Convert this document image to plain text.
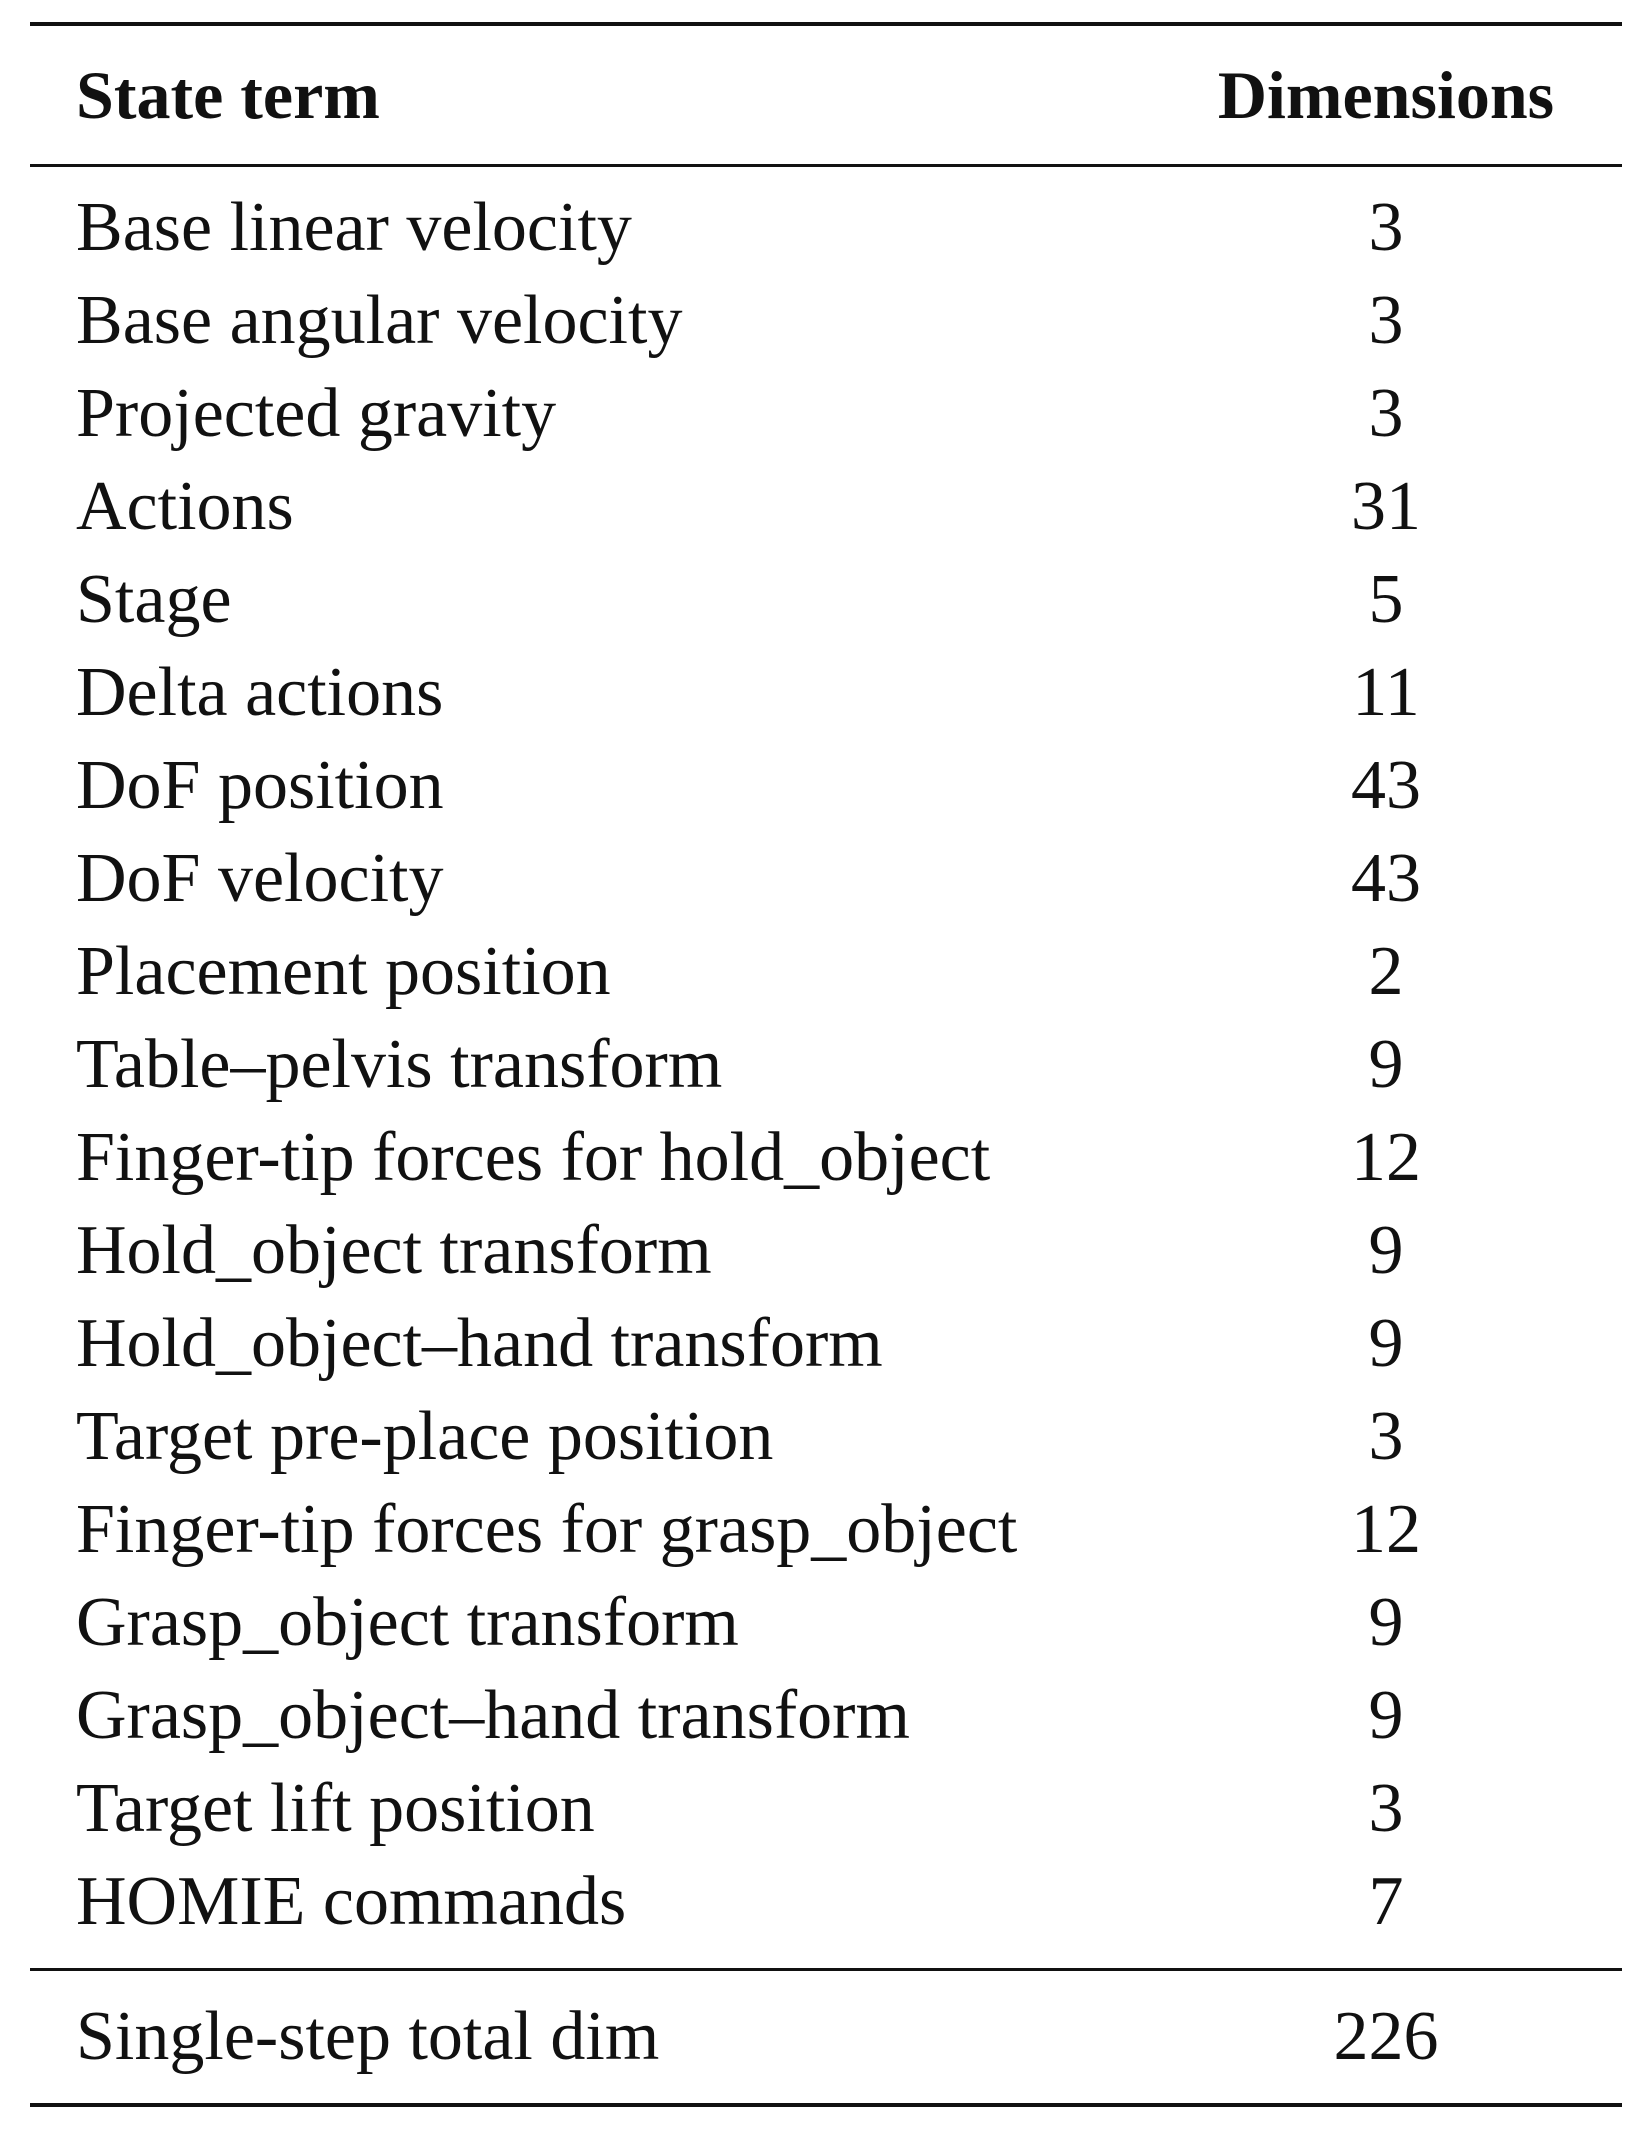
State term	Dimensions
Base linear velocity	3
Base angular velocity	3
Projected gravity	3
Actions	31
Stage	5
Delta actions	11
DoF position	43
DoF velocity	43
Placement position	2
Table–pelvis transform	9
Finger-tip forces for hold_object	12
Hold_object transform	9
Hold_object–hand transform	9
Target pre-place position	3
Finger-tip forces for grasp_object	12
Grasp_object transform	9
Grasp_object–hand transform	9
Target lift position	3
HOMIE commands	7
Single-step total dim	226
